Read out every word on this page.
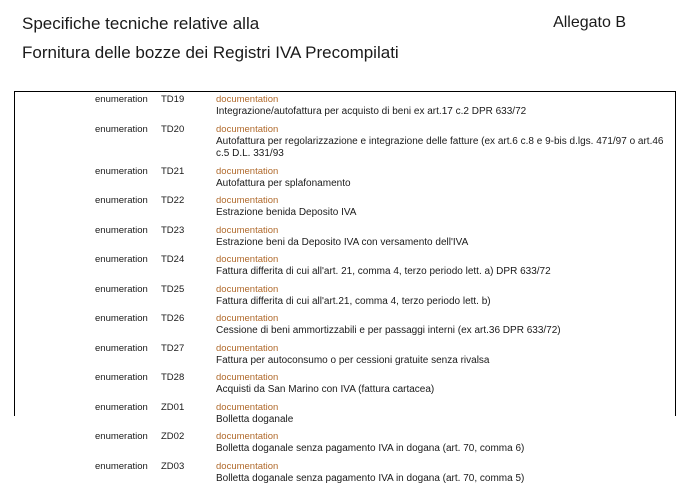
Specifiche tecniche relative alla
Fornitura delle bozze dei Registri IVA Precompilati
Allegato B
		enumeration	TD19	documentation
Integrazione/autofattura per acquisto di beni ex art.17 c.2 DPR 633/72

		enumeration	TD20	documentation
Autofattura per regolarizzazione e integrazione delle fatture (ex art.6 c.8 e 9-bis d.lgs. 471/97 o art.46 c.5 D.L. 331/93

		enumeration	TD21	documentation
Autofattura per splafonamento

		enumeration	TD22	documentation
Estrazione benida Deposito IVA

		enumeration	TD23	documentation
Estrazione beni da Deposito IVA con versamento dell'IVA

		enumeration	TD24	documentation
Fattura differita di cui all'art. 21, comma 4, terzo periodo lett. a) DPR 633/72

		enumeration	TD25	documentation
Fattura differita di cui all'art.21, comma 4, terzo periodo lett. b)

		enumeration	TD26	documentation
Cessione di beni ammortizzabili e per passaggi interni (ex art.36 DPR 633/72)

		enumeration	TD27	documentation
Fattura per autoconsumo o per cessioni gratuite senza rivalsa

		enumeration	TD28	documentation
Acquisti da San Marino con IVA (fattura cartacea)

		enumeration	ZD01	documentation
Bolletta doganale

		enumeration	ZD02	documentation
Bolletta doganale senza pagamento IVA in dogana (art. 70, comma 6)

		enumeration	ZD03	documentation
Bolletta doganale senza pagamento IVA in dogana (art. 70, comma 5)
